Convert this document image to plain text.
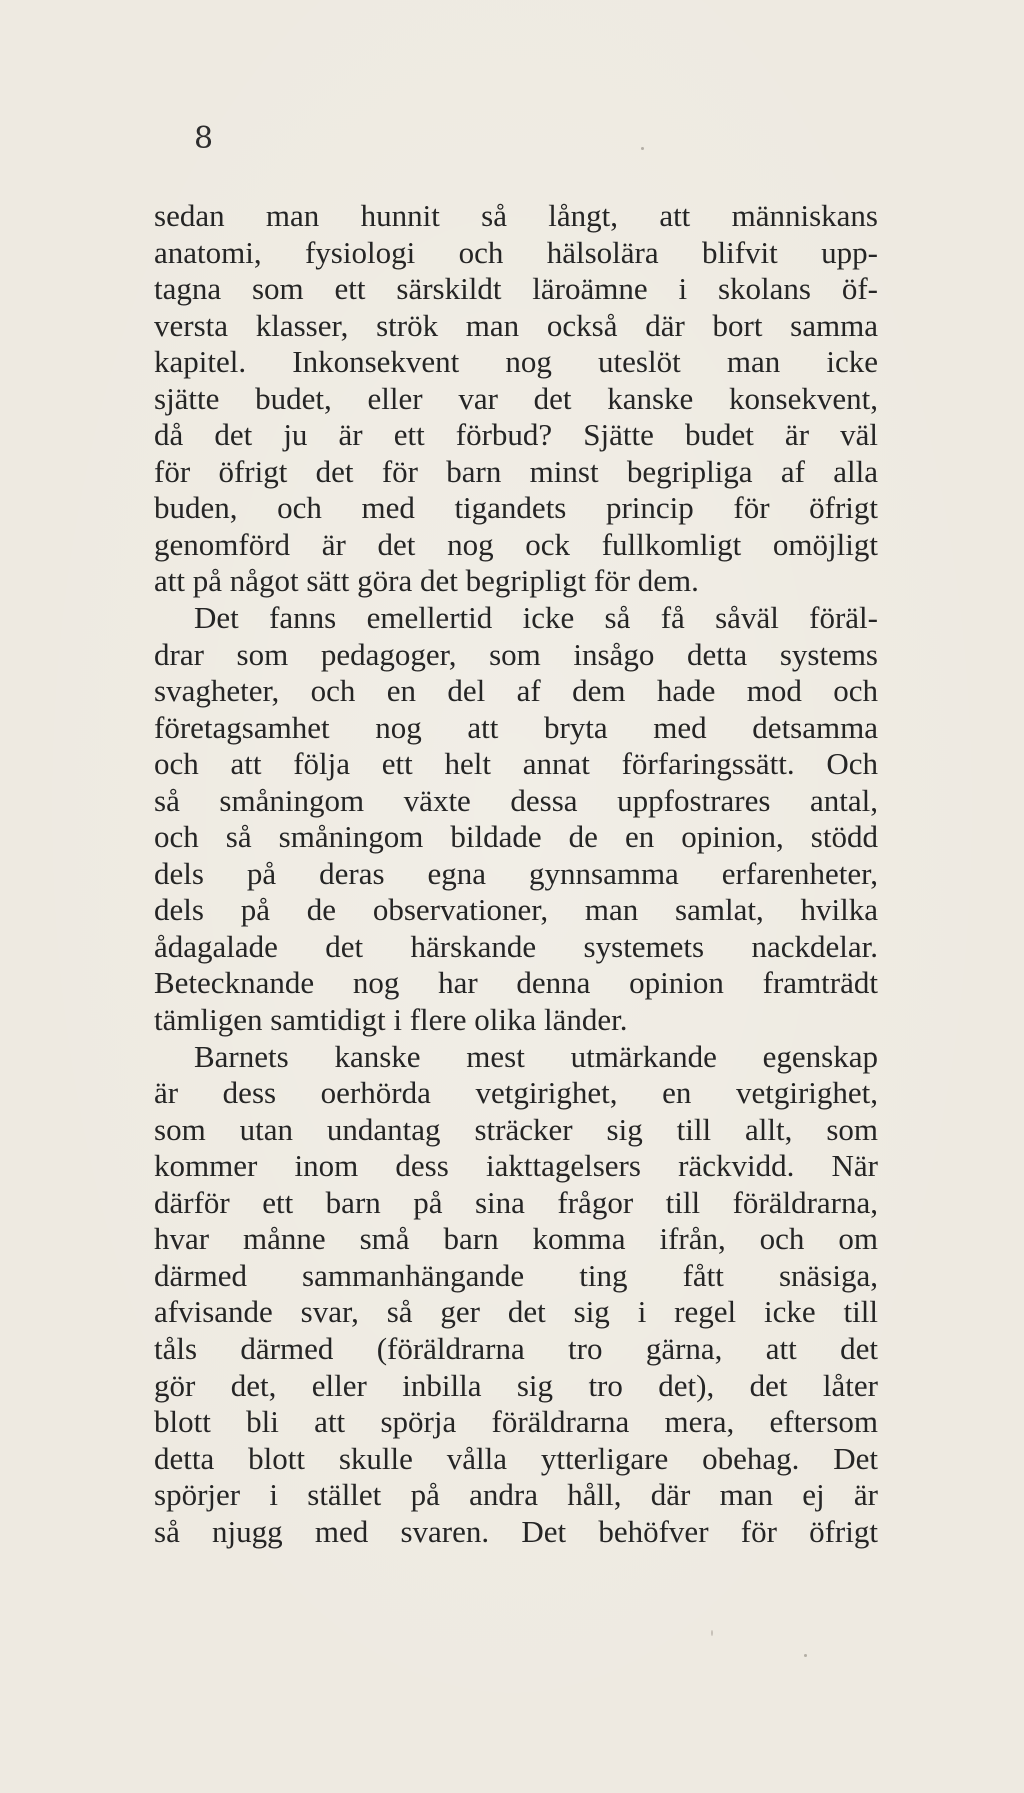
8
sedan man hunnit så långt, att människans
anatomi, fysiologi och hälsolära blifvit upp-
tagna som ett särskildt läroämne i skolans öf-
versta klasser, strök man också där bort samma
kapitel. Inkonsekvent nog uteslöt man icke
sjätte budet, eller var det kanske konsekvent,
då det ju är ett förbud? Sjätte budet är väl
för öfrigt det för barn minst begripliga af alla
buden, och med tigandets princip för öfrigt
genomförd är det nog ock fullkomligt omöjligt
att på något sätt göra det begripligt för dem.
Det fanns emellertid icke så få såväl föräl-
drar som pedagoger, som insågo detta systems
svagheter, och en del af dem hade mod och
företagsamhet nog att bryta med detsamma
och att följa ett helt annat förfaringssätt. Och
så småningom växte dessa uppfostrares antal,
och så småningom bildade de en opinion, stödd
dels på deras egna gynnsamma erfarenheter,
dels på de observationer, man samlat, hvilka
ådagalade det härskande systemets nackdelar.
Betecknande nog har denna opinion framträdt
tämligen samtidigt i flere olika länder.
Barnets kanske mest utmärkande egenskap
är dess oerhörda vetgirighet, en vetgirighet,
som utan undantag sträcker sig till allt, som
kommer inom dess iakttagelsers räckvidd. När
därför ett barn på sina frågor till föräldrarna,
hvar månne små barn komma ifrån, och om
därmed sammanhängande ting fått snäsiga,
afvisande svar, så ger det sig i regel icke till
tåls därmed (föräldrarna tro gärna, att det
gör det, eller inbilla sig tro det), det låter
blott bli att spörja föräldrarna mera, eftersom
detta blott skulle vålla ytterligare obehag. Det
spörjer i stället på andra håll, där man ej är
så njugg med svaren. Det behöfver för öfrigt
